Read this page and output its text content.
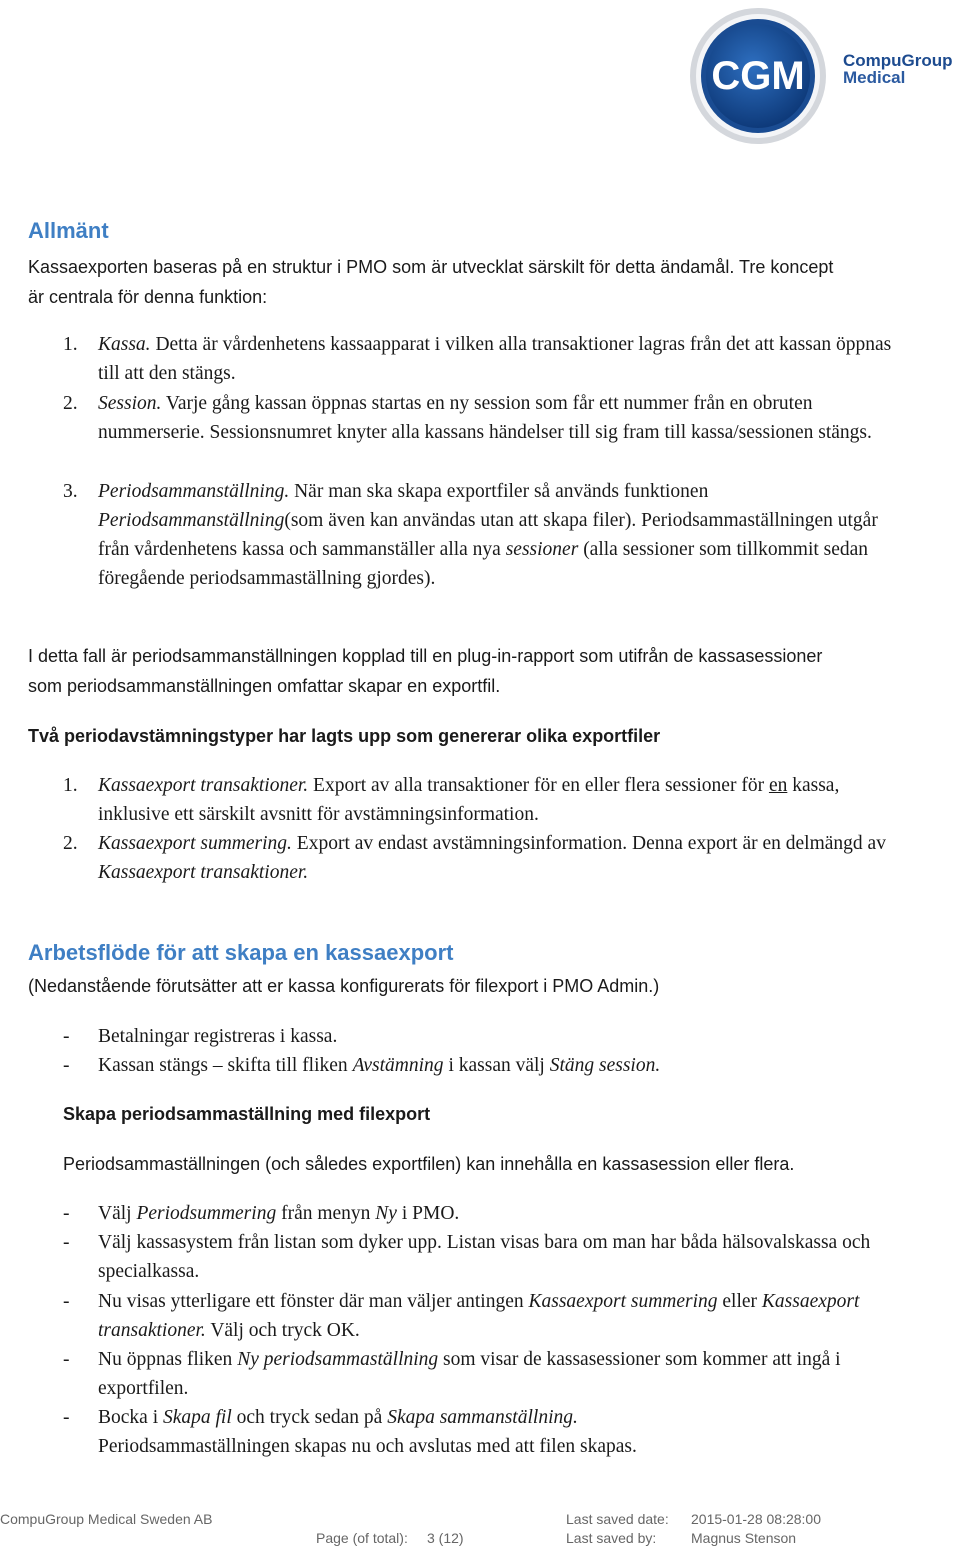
CGM CompuGroup
Medical
Allmänt
Kassaexporten baseras på en struktur i PMO som är utvecklat särskilt för detta ändamål. Tre koncept är centrala för denna funktion:
1.	Kassa. Detta är vårdenhetens kassaapparat i vilken alla transaktioner lagras från det att kassan öppnas till att den stängs.
2.	Session. Varje gång kassan öppnas startas en ny session som får ett nummer från en obruten nummerserie. Sessionsnumret knyter alla kassans händelser till sig fram till kassa/sessionen stängs.
3.	Periodsammanställning. När man ska skapa exportfiler så används funktionen Periodsammanställning(som även kan användas utan att skapa filer). Periodsammaställningen utgår från vårdenhetens kassa och sammanställer alla nya sessioner (alla sessioner som tillkommit sedan föregående periodsammaställning gjordes).
I detta fall är periodsammanställningen kopplad till en plug-in-rapport som utifrån de kassasessioner som periodsammanställningen omfattar skapar en exportfil.
Två periodavstämningstyper har lagts upp som genererar olika exportfiler
1.	Kassaexport transaktioner. Export av alla transaktioner för en eller flera sessioner för en kassa, inklusive ett särskilt avsnitt för avstämningsinformation.
2.	Kassaexport summering. Export av endast avstämningsinformation. Denna export är en delmängd av Kassaexport transaktioner.
Arbetsflöde för att skapa en kassaexport
(Nedanstående förutsätter att er kassa konfigurerats för filexport i PMO Admin.)
- Betalningar registreras i kassa.
- Kassan stängs – skifta till fliken Avstämning i kassan välj Stäng session.
Skapa periodsammaställning med filexport
Periodsammaställningen (och således exportfilen) kan innehålla en kassasession eller flera.
- Välj Periodsummering från menyn Ny i PMO.
- Välj kassasystem från listan som dyker upp. Listan visas bara om man har båda hälsovalskassa och specialkassa.
- Nu visas ytterligare ett fönster där man väljer antingen Kassaexport summering eller Kassaexport transaktioner. Välj och tryck OK.
- Nu öppnas fliken Ny periodsammaställning som visar de kassasessioner som kommer att ingå i exportfilen.
- Bocka i Skapa fil och tryck sedan på Skapa sammanställning.
Periodsammaställningen skapas nu och avslutas med att filen skapas.
CompuGroup Medical Sweden AB
Page (of total): 3 (12)
Last saved date: 2015-01-28 08:28:00
Last saved by: Magnus Stenson
